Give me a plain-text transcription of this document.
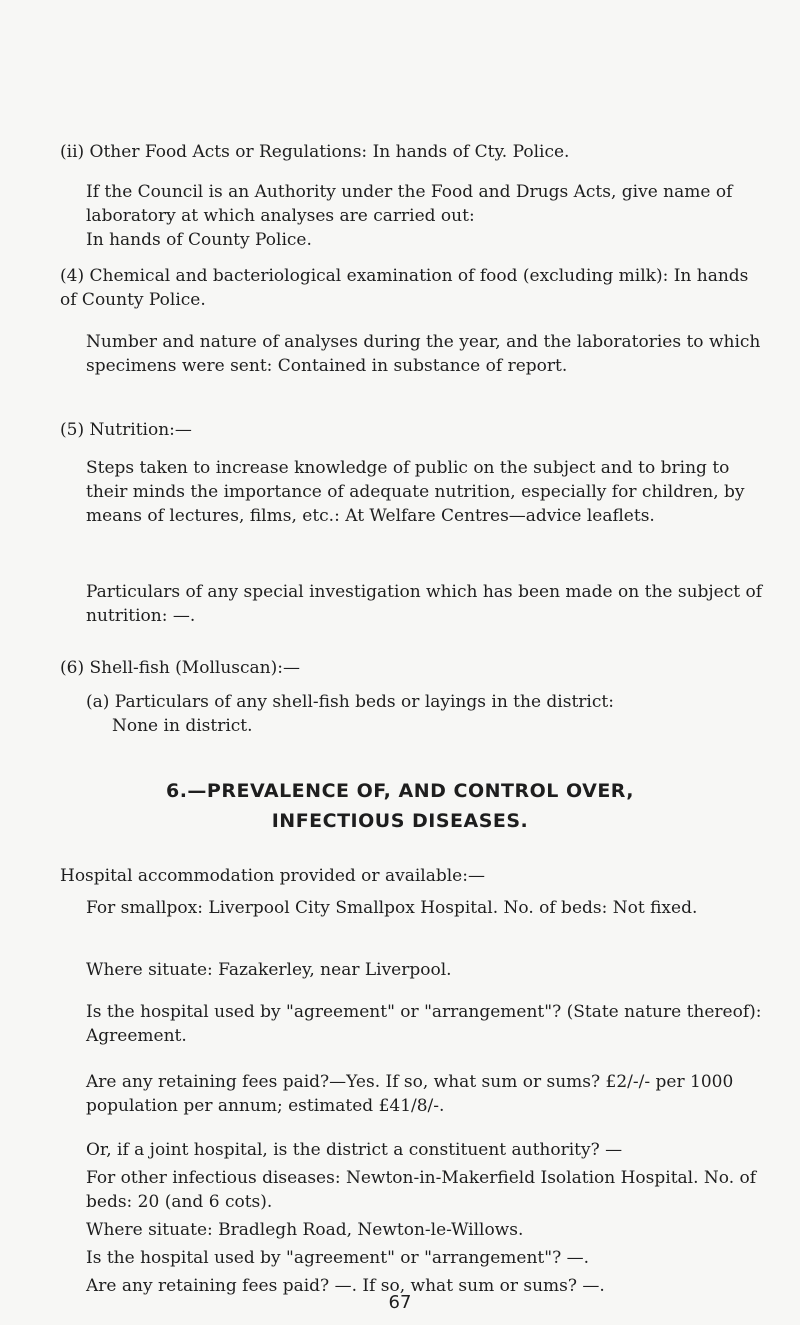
(ii) Other Food Acts or Regulations: In hands of Cty. Police.
If the Council is an Authority under the Food and Drugs Acts, give name of laboratory at which analyses are carried out:
In hands of County Police.
(4) Chemical and bacteriological examination of food (excluding milk): In hands of County Police.
Number and nature of analyses during the year, and the laboratories to which specimens were sent: Contained in substance of report.
(5) Nutrition:—
Steps taken to increase knowledge of public on the subject and to bring to their minds the importance of adequate nutrition, especially for children, by means of lectures, films, etc.: At Welfare Centres—advice leaflets.
Particulars of any special investigation which has been made on the subject of nutrition: —.
(6) Shell-fish (Molluscan):—
(a) Particulars of any shell-fish beds or layings in the district:
None in district.
6.—PREVALENCE OF, AND CONTROL OVER,
INFECTIOUS DISEASES.
Hospital accommodation provided or available:—
For smallpox: Liverpool City Smallpox Hospital. No. of beds: Not fixed.
Where situate: Fazakerley, near Liverpool.
Is the hospital used by "agreement" or "arrangement"? (State nature thereof): Agreement.
Are any retaining fees paid?—Yes. If so, what sum or sums? £2/-/- per 1000 population per annum; estimated £41/8/-.
Or, if a joint hospital, is the district a constituent authority? —
For other infectious diseases: Newton-in-Makerfield Isolation Hospital. No. of beds: 20 (and 6 cots).
67
Where situate: Bradlegh Road, Newton-le-Willows.
Is the hospital used by "agreement" or "arrangement"? —.
Are any retaining fees paid? —. If so, what sum or sums? —.
